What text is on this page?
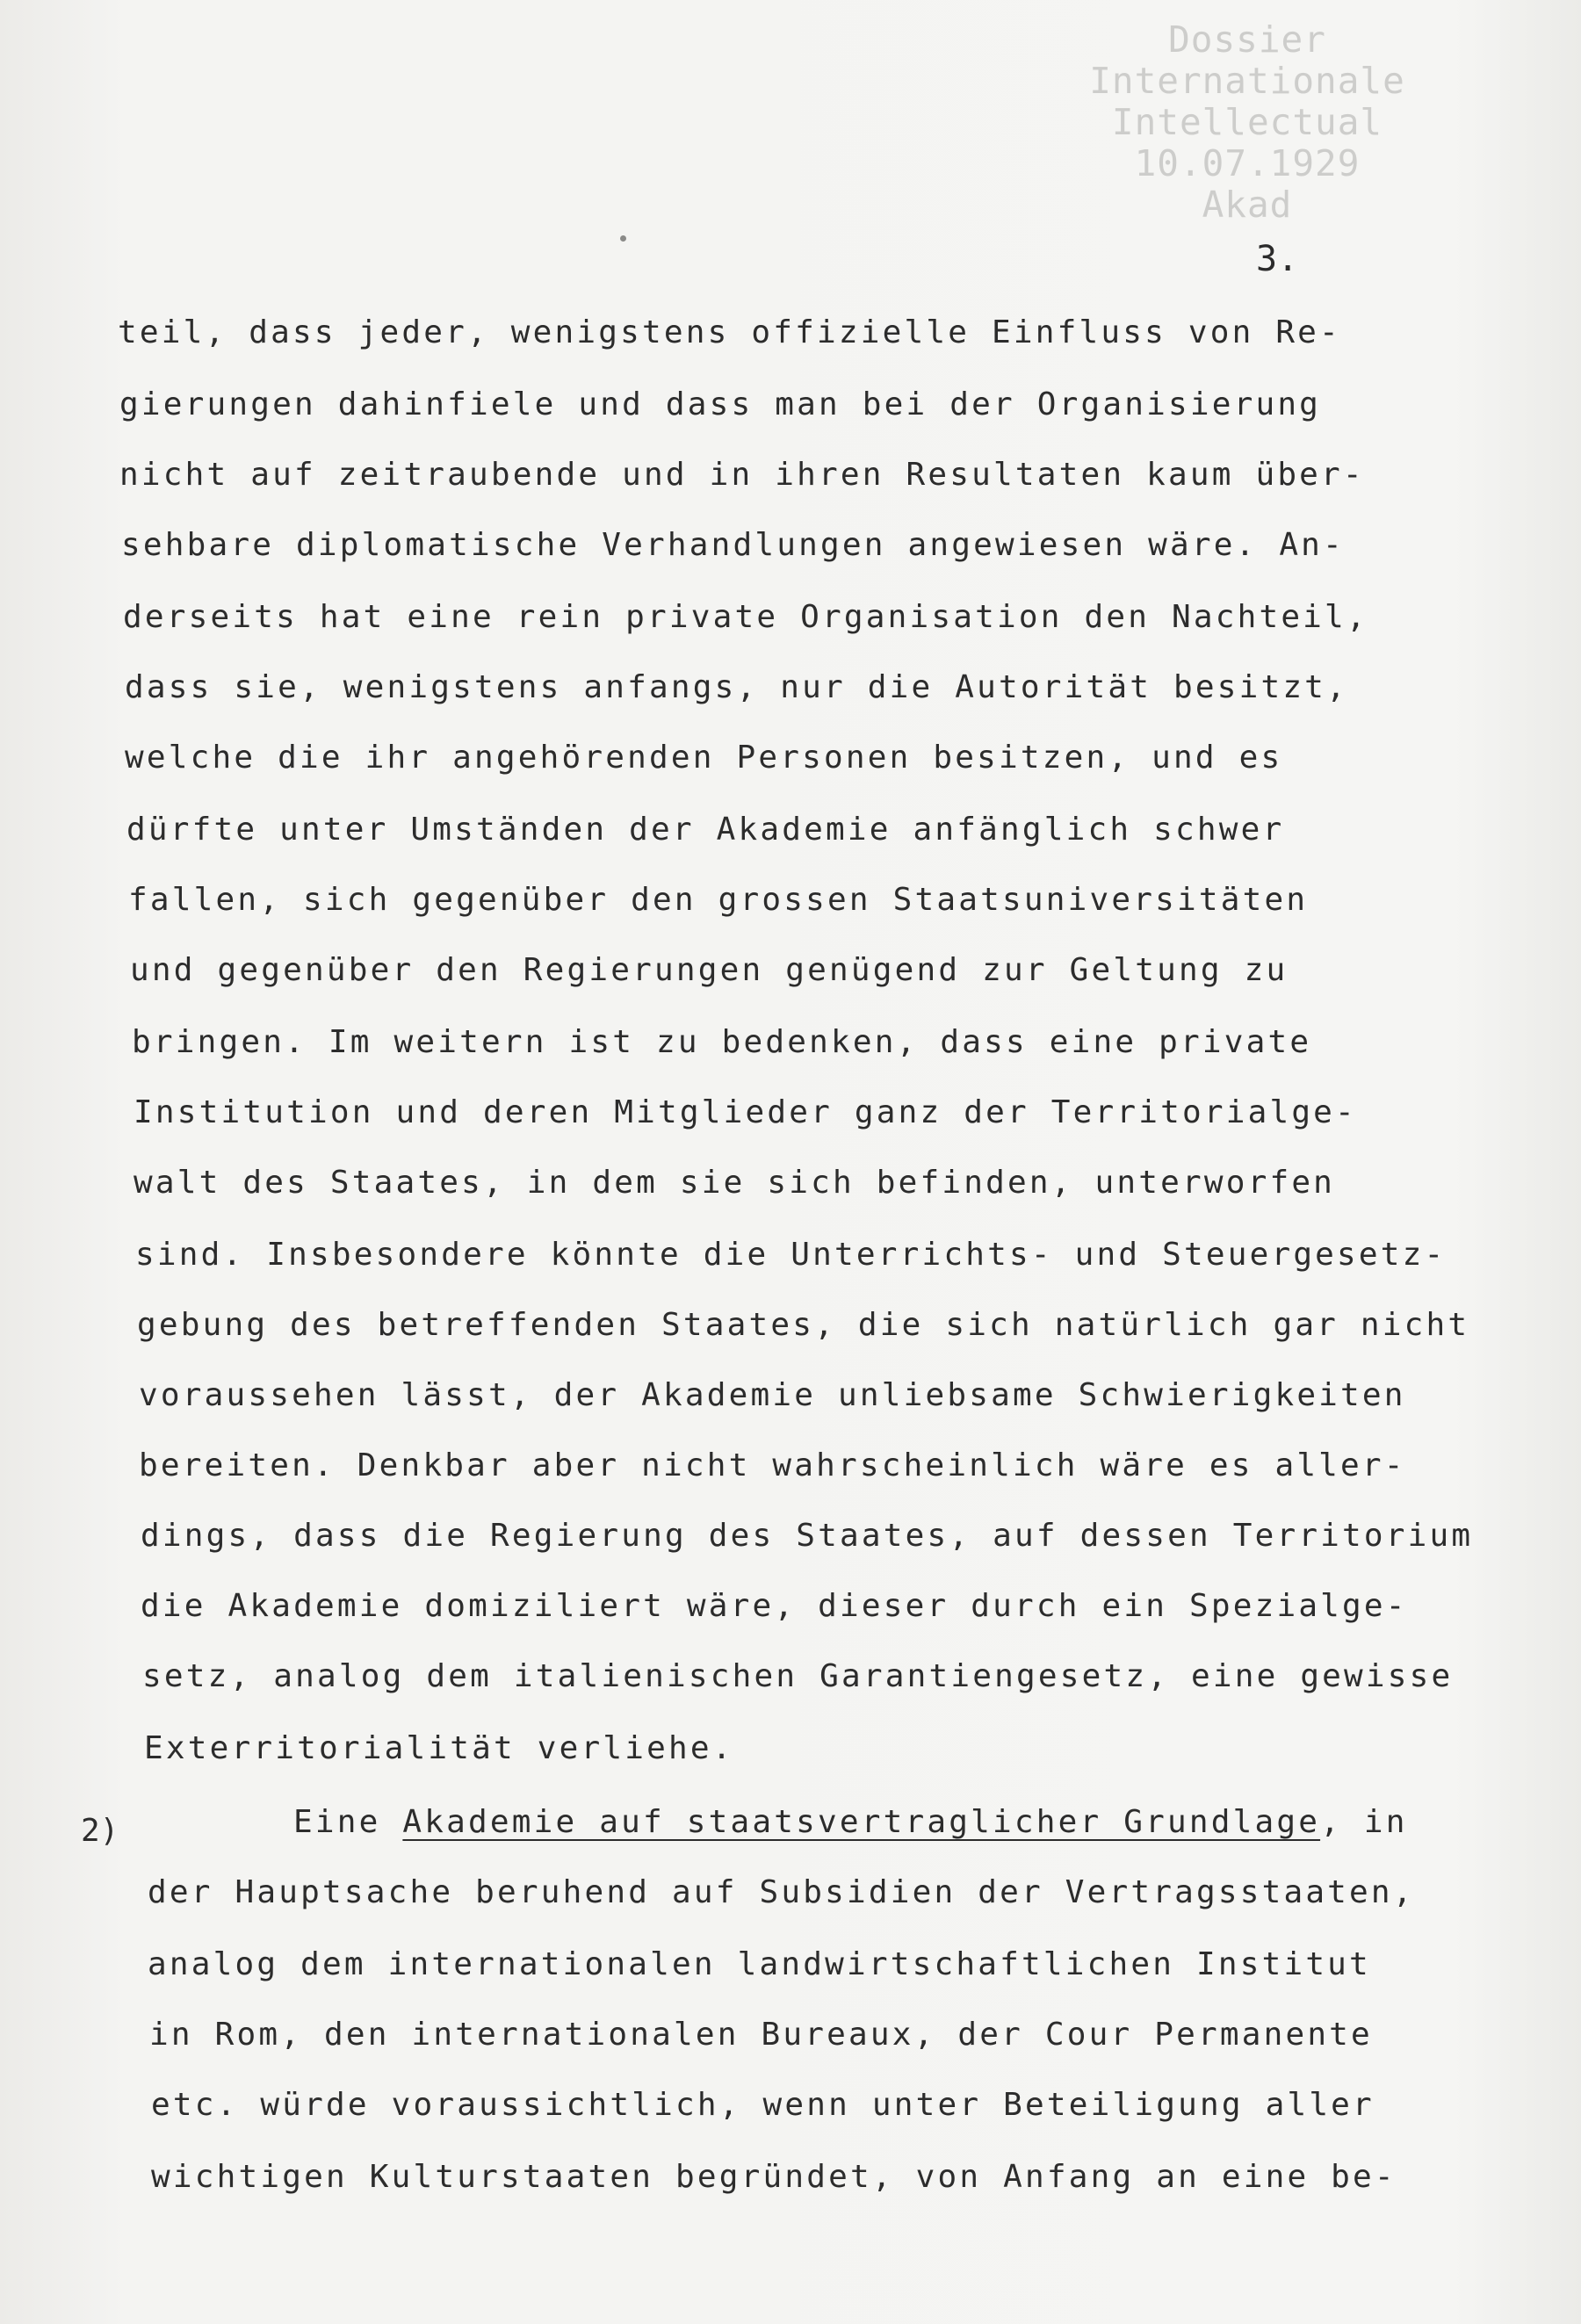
Dossier
Internationale
Intellectual
10.07.1929
Akad
3.
teil, dass jeder, wenigstens offizielle Einfluss von Re-
gierungen dahinfiele und dass man bei der Organisierung
nicht auf zeitraubende und in ihren Resultaten kaum über-
sehbare diplomatische Verhandlungen angewiesen wäre. An-
derseits hat eine rein private Organisation den Nachteil,
dass sie, wenigstens anfangs, nur die Autorität besitzt,
welche die ihr angehörenden Personen besitzen, und es
dürfte unter Umständen der Akademie anfänglich schwer
fallen, sich gegenüber den grossen Staatsuniversitäten
und gegenüber den Regierungen genügend zur Geltung zu
bringen. Im weitern ist zu bedenken, dass eine private
Institution und deren Mitglieder ganz der Territorialge-
walt des Staates, in dem sie sich befinden, unterworfen
sind. Insbesondere könnte die Unterrichts- und Steuergesetz-
gebung des betreffenden Staates, die sich natürlich gar nicht
voraussehen lässt, der Akademie unliebsame Schwierigkeiten
bereiten. Denkbar aber nicht wahrscheinlich wäre es aller-
dings, dass die Regierung des Staates, auf dessen Territorium
die Akademie domiziliert wäre, dieser durch ein Spezialge-
setz, analog dem italienischen Garantiengesetz, eine gewisse
Exterritorialität verliehe.
2)	Eine Akademie auf staatsvertraglicher Grundlage, in
der Hauptsache beruhend auf Subsidien der Vertragsstaaten,
analog dem internationalen landwirtschaftlichen Institut
in Rom, den internationalen Bureaux, der Cour Permanente
etc. würde voraussichtlich, wenn unter Beteiligung aller
wichtigen Kulturstaaten begründet, von Anfang an eine be-
